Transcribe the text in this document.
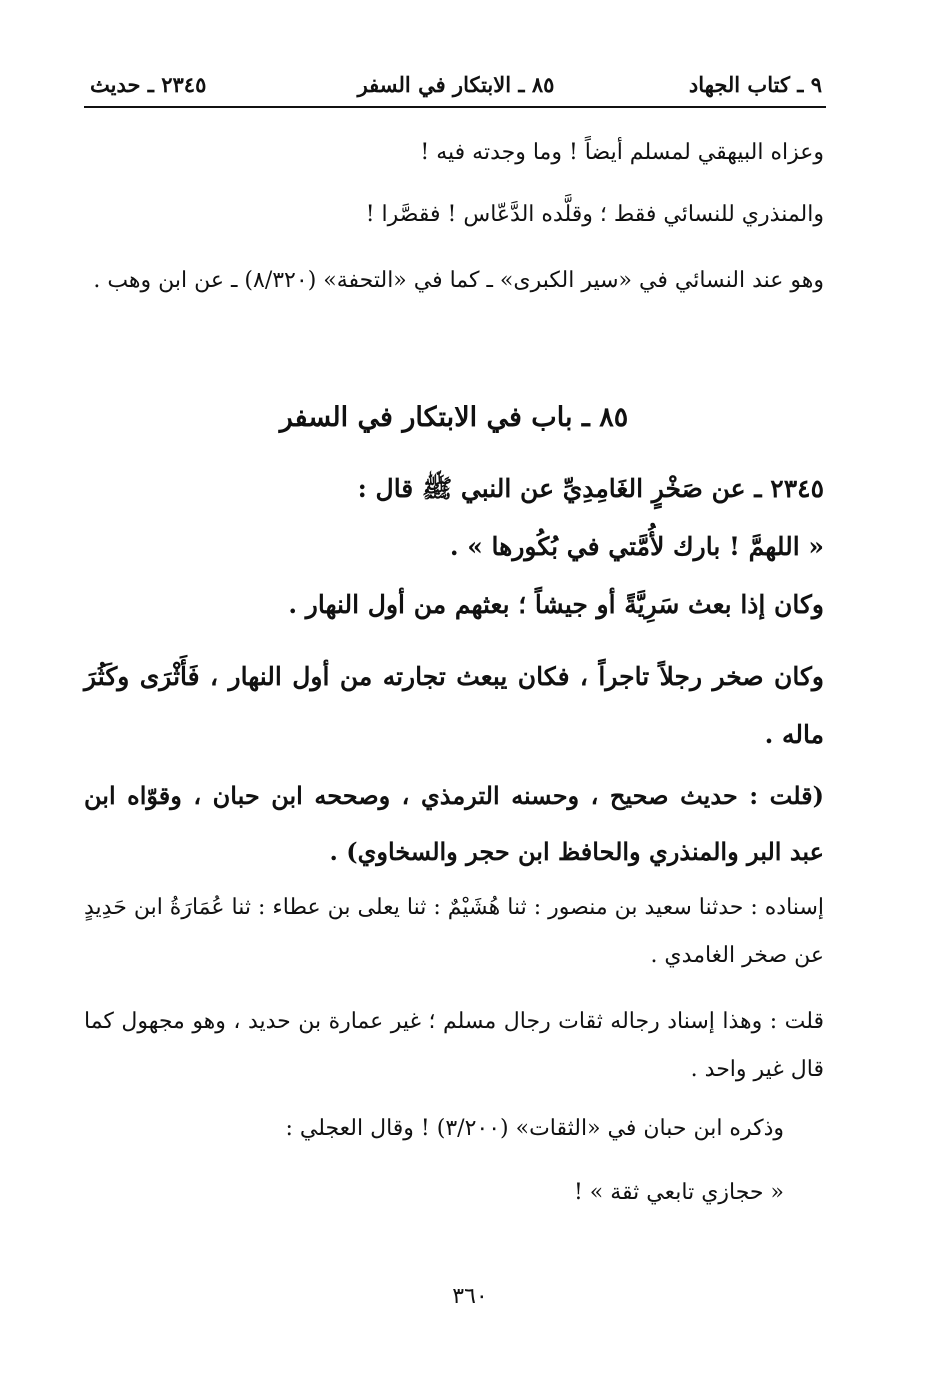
٩ ـ كتاب الجهاد
٨٥ ـ الابتكار في السفر
٢٣٤٥ ـ حديث
وعزاه البيهقي لمسلم أيضاً ! وما وجدته فيه !
والمنذري للنسائي فقط ؛ وقلَّده الدَّعّاس ! فقصَّرا !
وهو عند النسائي في «سير الكبرى» ـ كما في «التحفة» (٨/٣٢٠) ـ عن ابن وهب .
٨٥ ـ باب في الابتكار في السفر
٢٣٤٥ ـ عن صَخْرٍ الغَامِدِيِّ عن النبي ﷺ قال :
« اللهمَّ ! بارك لأُمَّتي في بُكُورها » .
وكان إذا بعث سَرِيَّةً أو جيشاً ؛ بعثهم من أول النهار .
وكان صخر رجلاً تاجراً ، فكان يبعث تجارته من أول النهار ، فَأَثْرَى وكَثُرَ ماله .
(قلت : حديث صحيح ، وحسنه الترمذي ، وصححه ابن حبان ، وقوّاه ابن عبد البر والمنذري والحافظ ابن حجر والسخاوي) .
إسناده : حدثنا سعيد بن منصور : ثنا هُشَيْمٌ : ثنا يعلى بن عطاء : ثنا عُمَارَةُ ابن حَدِيدٍ عن صخر الغامدي .
قلت : وهذا إسناد رجاله ثقات رجال مسلم ؛ غير عمارة بن حديد ، وهو مجهول كما قال غير واحد .
وذكره ابن حبان في «الثقات» (٣/٢٠٠) ! وقال العجلي :
« حجازي تابعي ثقة » !
٣٦٠
